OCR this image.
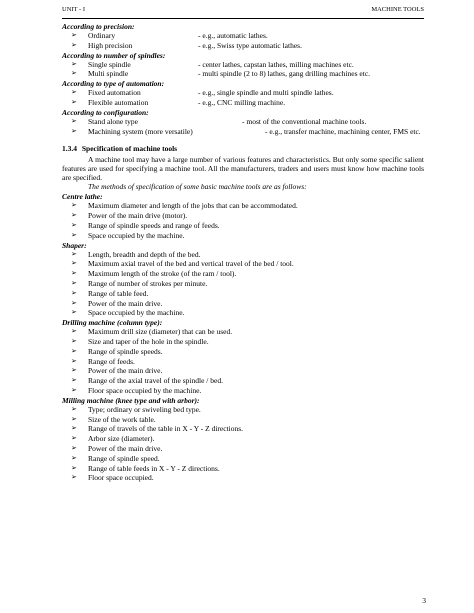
UNIT - I	MACHINE TOOLS
According to precision:
➢ Ordinary	- e.g., automatic lathes.
➢ High precision	- e.g., Swiss type automatic lathes.
According to number of spindles:
➢ Single spindle	- center lathes, capstan lathes, milling machines etc.
➢ Multi spindle	- multi spindle (2 to 8) lathes, gang drilling machines etc.
According to type of automation:
➢ Fixed automation	- e.g., single spindle and multi spindle lathes.
➢ Flexible automation	- e.g., CNC milling machine.
According to configuration:
➢ Stand alone type	- most of the conventional machine tools.
➢ Machining system (more versatile)	- e.g., transfer machine, machining center, FMS etc.
1.3.4 Specification of machine tools
A machine tool may have a large number of various features and characteristics. But only some specific salient features are used for specifying a machine tool. All the manufacturers, traders and users must know how machine tools are specified.
The methods of specification of some basic machine tools are as follows:
Centre lathe:
➢ Maximum diameter and length of the jobs that can be accommodated.
➢ Power of the main drive (motor).
➢ Range of spindle speeds and range of feeds.
➢ Space occupied by the machine.
Shaper:
➢ Length, breadth and depth of the bed.
➢ Maximum axial travel of the bed and vertical travel of the bed / tool.
➢ Maximum length of the stroke (of the ram / tool).
➢ Range of number of strokes per minute.
➢ Range of table feed.
➢ Power of the main drive.
➢ Space occupied by the machine.
Drilling machine (column type):
➢ Maximum drill size (diameter) that can be used.
➢ Size and taper of the hole in the spindle.
➢ Range of spindle speeds.
➢ Range of feeds.
➢ Power of the main drive.
➢ Range of the axial travel of the spindle / bed.
➢ Floor space occupied by the machine.
Milling machine (knee type and with arbor):
➢ Type; ordinary or swiveling bed type.
➢ Size of the work table.
➢ Range of travels of the table in X - Y - Z directions.
➢ Arbor size (diameter).
➢ Power of the main drive.
➢ Range of spindle speed.
➢ Range of table feeds in X - Y - Z directions.
➢ Floor space occupied.
3
